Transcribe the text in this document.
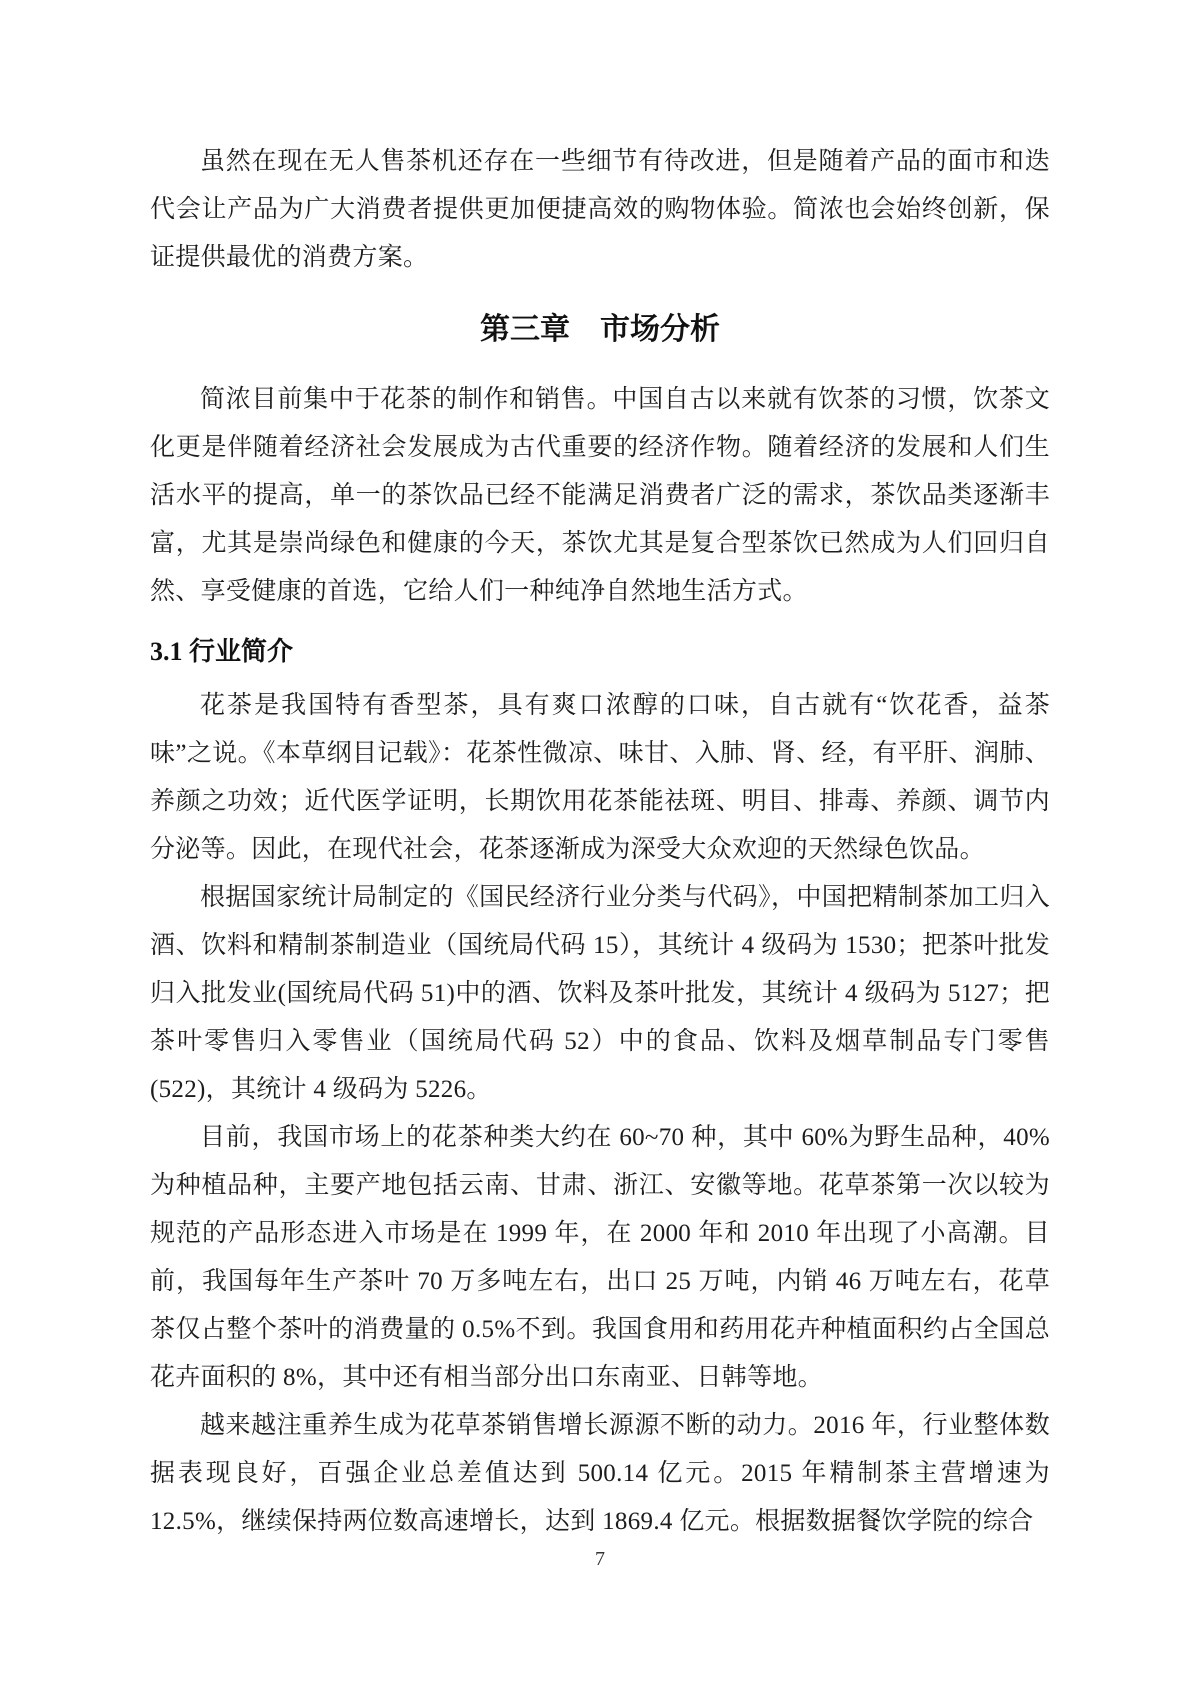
虽然在现在无人售茶机还存在一些细节有待改进，但是随着产品的面市和迭代会让产品为广大消费者提供更加便捷高效的购物体验。简浓也会始终创新，保证提供最优的消费方案。

第三章　市场分析

简浓目前集中于花茶的制作和销售。中国自古以来就有饮茶的习惯，饮茶文化更是伴随着经济社会发展成为古代重要的经济作物。随着经济的发展和人们生活水平的提高，单一的茶饮品已经不能满足消费者广泛的需求，茶饮品类逐渐丰富，尤其是崇尚绿色和健康的今天，茶饮尤其是复合型茶饮已然成为人们回归自然、享受健康的首选，它给人们一种纯净自然地生活方式。

3.1 行业简介

花茶是我国特有香型茶，具有爽口浓醇的口味，自古就有“饮花香，益茶味”之说。《本草纲目记载》：花茶性微凉、味甘、入肺、肾、经，有平肝、润肺、养颜之功效；近代医学证明，长期饮用花茶能祛斑、明目、排毒、养颜、调节内分泌等。因此，在现代社会，花茶逐渐成为深受大众欢迎的天然绿色饮品。

根据国家统计局制定的《国民经济行业分类与代码》，中国把精制茶加工归入酒、饮料和精制茶制造业（国统局代码 15），其统计 4 级码为 1530；把茶叶批发归入批发业(国统局代码 51)中的酒、饮料及茶叶批发，其统计 4 级码为 5127；把茶叶零售归入零售业（国统局代码 52）中的食品、饮料及烟草制品专门零售(522)，其统计 4 级码为 5226。

目前，我国市场上的花茶种类大约在 60~70 种，其中 60%为野生品种，40%为种植品种，主要产地包括云南、甘肃、浙江、安徽等地。花草茶第一次以较为规范的产品形态进入市场是在 1999 年，在 2000 年和 2010 年出现了小高潮。目前，我国每年生产茶叶 70 万多吨左右，出口 25 万吨，内销 46 万吨左右，花草茶仅占整个茶叶的消费量的 0.5%不到。我国食用和药用花卉种植面积约占全国总花卉面积的 8%，其中还有相当部分出口东南亚、日韩等地。

越来越注重养生成为花草茶销售增长源源不断的动力。2016 年，行业整体数据表现良好，百强企业总差值达到 500.14 亿元。2015 年精制茶主营增速为 12.5%，继续保持两位数高速增长，达到 1869.4 亿元。根据数据餐饮学院的综合

7
